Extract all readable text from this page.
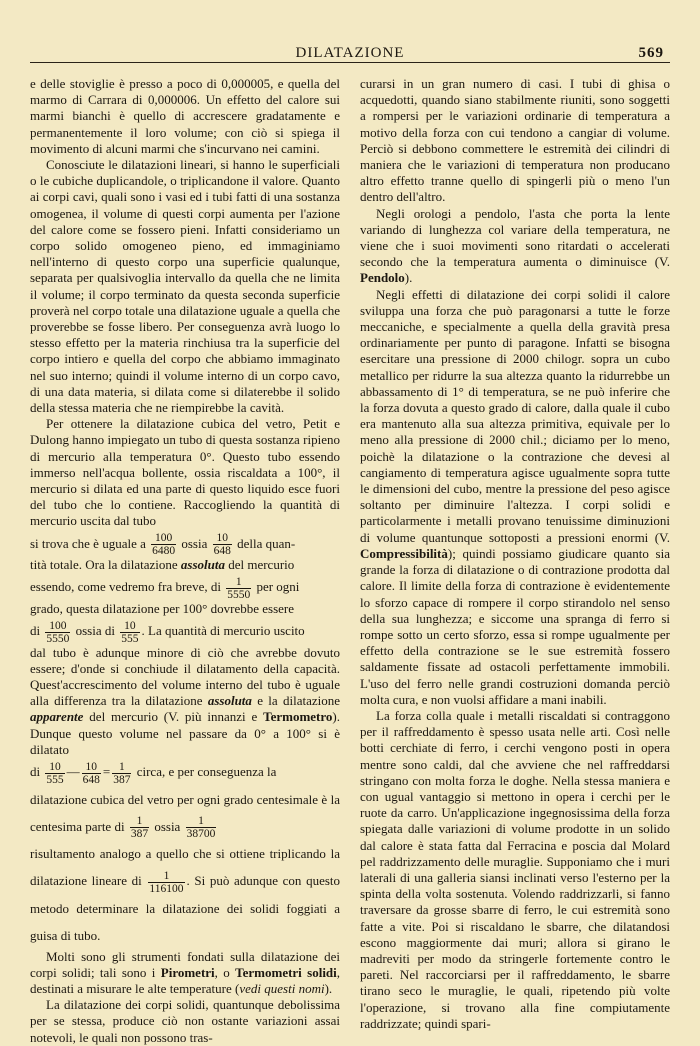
DILATAZIONE	569

e delle stoviglie è presso a poco di 0,000005, e quella del marmo di Carrara di 0,000006. Un effetto del calore sui marmi bianchi è quello di accrescere gradatamente e permanentemente il loro volume; con ciò si spiega il movimento di alcuni marmi che s'incurvano nei camini.

Conosciute le dilatazioni lineari, si hanno le superficiali o le cubiche duplicandole, o triplicandone il valore. Quanto ai corpi cavi, quali sono i vasi ed i tubi fatti di una sostanza omogenea, il volume di questi corpi aumenta per l'azione del calore come se fossero pieni. Infatti consideriamo un corpo solido omogeneo pieno, ed immaginiamo nell'interno di questo corpo una superficie qualunque, separata per qualsivoglia intervallo da quella che ne limita il volume; il corpo terminato da questa seconda superficie proverà nel corpo totale una dilatazione uguale a quella che proverebbe se fosse libero. Per conseguenza avrà luogo lo stesso effetto per la materia rinchiusa tra la superficie del corpo intiero e quella del corpo che abbiamo immaginato nel suo interno; quindi il volume interno di un corpo cavo, di una data materia, si dilata come si dilaterebbe il solido della stessa materia che ne riempirebbe la cavità.

Per ottenere la dilatazione cubica del vetro, Petit e Dulong hanno impiegato un tubo di questa sostanza ripieno di mercurio alla temperatura 0°. Questo tubo essendo immerso nell'acqua bollente, ossia riscaldata a 100°, il mercurio si dilata ed una parte di questo liquido esce fuori del tubo che lo contiene. Raccogliendo la quantità di mercurio uscita dal tubo

si trova che è uguale a $\frac{100}{6480}$ ossia $\frac{10}{648}$ della quan-

tità totale. Ora la dilatazione assoluta del mercurio

essendo, come vedremo fra breve, di $\frac{1}{5550}$ per ogni

grado, questa dilatazione per 100° dovrebbe essere

di $\frac{100}{5550}$ ossia di $\frac{10}{555}$ . La quantità di mercurio uscito

dal tubo è adunque minore di ciò che avrebbe dovuto essere; d'onde si conchiude il dilatamento della capacità. Quest'accrescimento del volume interno del tubo è uguale alla differenza tra la dilatazione assoluta e la dilatazione apparente del mercurio (V. più innanzi e Termometro). Dunque questo volume nel passare da 0° a 100° si è dilatato

di $\frac{10}{555}$ — $\frac{10}{648} = \frac{1}{387}$ circa, e per conseguenza la

dilatazione cubica del vetro per ogni grado centesimale è la centesima parte di $\frac{1}{387}$ ossia $\frac{1}{38700}$

risultamento analogo a quello che si ottiene triplicando la dilatazione lineare di $\frac{1}{116100}$ . Si può adunque con questo metodo determinare la dilatazione dei solidi foggiati a guisa di tubo.

Molti sono gli strumenti fondati sulla dilatazione dei corpi solidi; tali sono i Pirometri, o Termometri solidi, destinati a misurare le alte temperature (vedi questi nomi).

La dilatazione dei corpi solidi, quantunque debolissima per se stessa, produce ciò non ostante variazioni assai notevoli, le quali non possono tras-

curarsi in un gran numero di casi. I tubi di ghisa o acquedotti, quando siano stabilmente riuniti, sono soggetti a rompersi per le variazioni ordinarie di temperatura a motivo della forza con cui tendono a cangiar di volume. Perciò si debbono commettere le estremità dei cilindri di maniera che le variazioni di temperatura non producano altro effetto tranne quello di spingerli più o meno l'un dentro dell'altro.

Negli orologi a pendolo, l'asta che porta la lente variando di lunghezza col variare della temperatura, ne viene che i suoi movimenti sono ritardati o accelerati secondo che la temperatura aumenta o diminuisce (V. Pendolo).

Negli effetti di dilatazione dei corpi solidi il calore sviluppa una forza che può paragonarsi a tutte le forze meccaniche, e specialmente a quella della gravità presa ordinariamente per punto di paragone. Infatti se bisogna esercitare una pressione di 2000 chilogr. sopra un cubo metallico per ridurre la sua altezza quanto la ridurrebbe un abbassamento di 1° di temperatura, se ne può inferire che la forza dovuta a questo grado di calore, dalla quale il cubo era mantenuto alla sua altezza primitiva, equivale per lo meno alla pressione di 2000 chil.; diciamo per lo meno, poichè la dilatazione o la contrazione che devesi al cangiamento di temperatura agisce ugualmente sopra tutte le dimensioni del cubo, mentre la pressione del peso agisce soltanto per diminuire l'altezza. I corpi solidi e particolarmente i metalli provano tenuissime diminuzioni di volume quantunque sottoposti a pressioni enormi (V. Compressibilità); quindi possiamo giudicare quanto sia grande la forza di dilatazione o di contrazione prodotta dal calore. Il limite della forza di contrazione è evidentemente lo sforzo capace di rompere il corpo stirandolo nel senso della sua lunghezza; e siccome una spranga di ferro si rompe sotto un certo sforzo, essa si rompe ugualmente per effetto della contrazione se le sue estremità fossero saldamente fissate ad ostacoli perfettamente immobili. L'uso del ferro nelle grandi costruzioni domanda perciò molta cura, e non vuolsi affidare a mani inabili.

La forza colla quale i metalli riscaldati si contraggono per il raffreddamento è spesso usata nelle arti. Così nelle botti cerchiate di ferro, i cerchi vengono posti in opera mentre sono caldi, dal che avviene che nel raffreddarsi stringano con molta forza le doghe. Nella stessa maniera e con ugual vantaggio si mettono in opera i cerchi per le ruote da carro. Un'applicazione ingegnosissima della forza spiegata dalle variazioni di volume prodotte in un solido dal calore è stata fatta dal Ferracina e poscia dal Molard pel raddrizzamento delle muraglie. Supponiamo che i muri laterali di una galleria siansi inclinati verso l'esterno per la spinta della volta sostenuta. Volendo raddrizzarli, si fanno traversare da grosse sbarre di ferro, le cui estremità sono fatte a vite. Poi si riscaldano le sbarre, che dilatandosi escono maggiormente dai muri; allora si girano le madreviti per modo da stringerle fortemente contro le pareti. Nel raccorciarsi per il raffreddamento, le sbarre tirano seco le muraglie, le quali, ripetendo più volte l'operazione, si trovano alla fine compiutamente raddrizzate; quindi spari-
